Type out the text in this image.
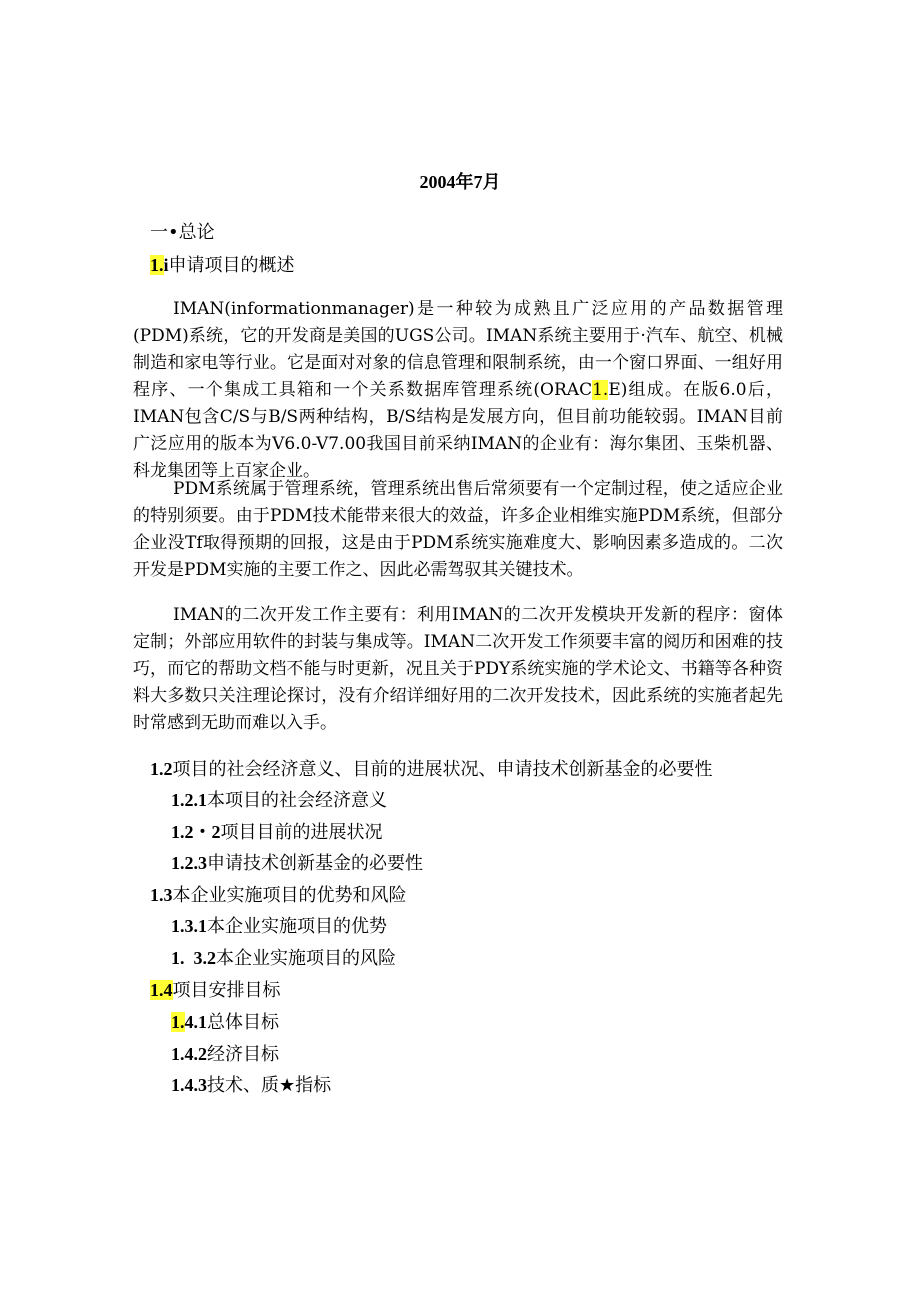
2004年7月
一•总论
1.i申请项目的概述
IMAN(informationmanager)是一种较为成熟且广泛应用的产品数据管理(PDM)系统，它的开发商是美国的UGS公司。IMAN系统主要用于·汽车、航空、机械制造和家电等行业。它是面对对象的信息管理和限制系统，由一个窗口界面、一组好用程序、一个集成工具箱和一个关系数据库管理系统(ORAC1.E)组成。在版6.0后，IMAN包含C/S与B/S两种结构，B/S结构是发展方向，但目前功能较弱。IMAN目前广泛应用的版本为V6.0-V7.00我国目前采纳IMAN的企业有：海尔集团、玉柴机器、科龙集团等上百家企业。
PDM系统属于管理系统，管理系统出售后常须要有一个定制过程，使之适应企业的特别须要。由于PDM技术能带来很大的效益，许多企业相维实施PDM系统，但部分企业没Tf取得预期的回报，这是由于PDM系统实施难度大、影响因素多造成的。二次开发是PDM实施的主要工作之、因此必需驾驭其关键技术。
IMAN的二次开发工作主要有：利用IMAN的二次开发模块开发新的程序：窗体定制；外部应用软件的封装与集成等。IMAN二次开发工作须要丰富的阅历和困难的技巧，而它的帮助文档不能与时更新，况且关于PDY系统实施的学术论文、书籍等各种资料大多数只关注理论探讨，没有介绍详细好用的二次开发技术，因此系统的实施者起先时常感到无助而难以入手。
1.2项目的社会经济意义、目前的进展状况、申请技术创新基金的必要性
1.2.1本项目的社会经济意义
1.2・2项目目前的进展状况
1.2.3申请技术创新基金的必要性
1.3本企业实施项目的优势和风险
1.3.1本企业实施项目的优势
1.  3.2本企业实施项目的风险
1.4项目安排目标
1.4.1总体目标
1.4.2经济目标
1.4.3技术、质★指标
